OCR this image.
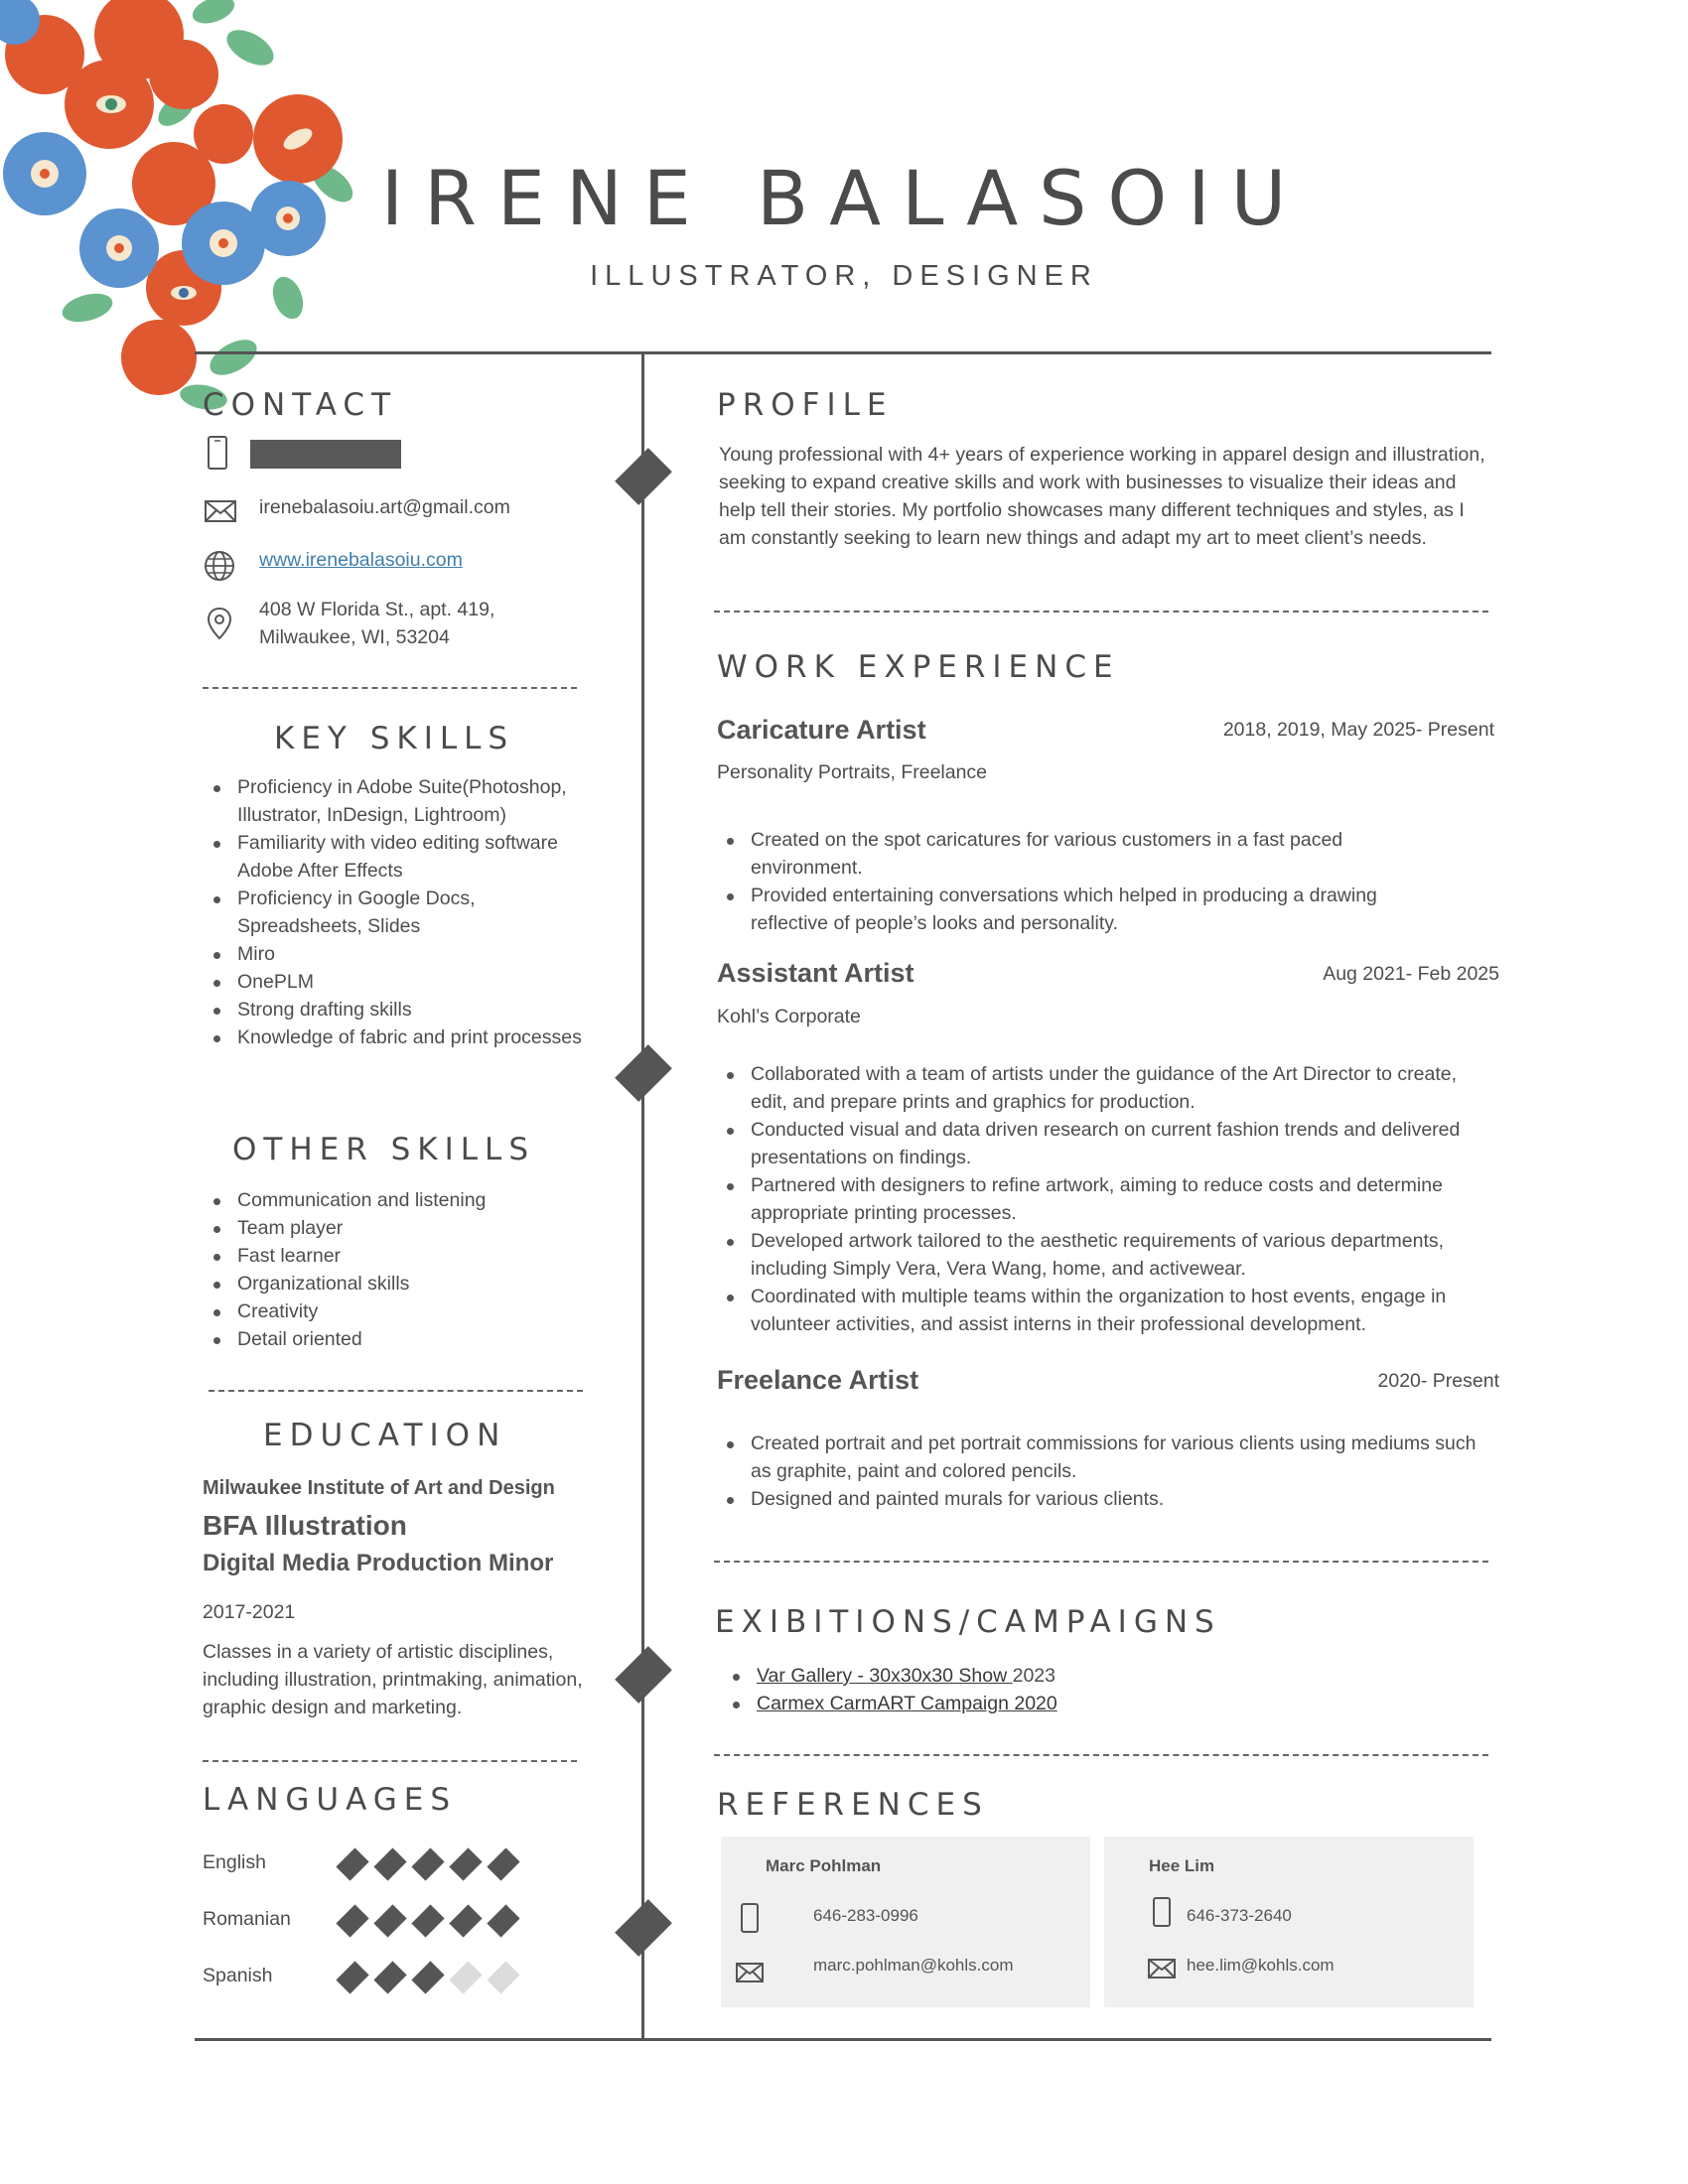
IRENE BALASOIU
ILLUSTRATOR, DESIGNER
CONTACT
irenebalasoiu.art@gmail.com
www.irenebalasoiu.com
408 W Florida St., apt. 419,
Milwaukee, WI, 53204
KEY SKILLS
Proficiency in Adobe Suite(Photoshop, Illustrator, InDesign, Lightroom)
Familiarity with video editing software Adobe After Effects
Proficiency in Google Docs, Spreadsheets, Slides
Miro
OnePLM
Strong drafting skills
Knowledge of fabric and print processes
OTHER SKILLS
Communication and listening
Team player
Fast learner
Organizational skills
Creativity
Detail oriented
EDUCATION
Milwaukee Institute of Art and Design
BFA Illustration
Digital Media Production Minor
2017-2021
Classes in a variety of artistic disciplines, including illustration, printmaking, animation, graphic design and marketing.
LANGUAGES
English
Romanian
Spanish
PROFILE
Young professional with 4+ years of experience working in apparel design and illustration, seeking to expand creative skills and work with businesses to visualize their ideas and help tell their stories. My portfolio showcases many different techniques and styles, as I am constantly seeking to learn new things and adapt my art to meet client’s needs.
WORK EXPERIENCE
Caricature Artist	2018, 2019, May 2025- Present
Personality Portraits, Freelance
Created on the spot caricatures for various customers in a fast paced environment.
Provided entertaining conversations which helped in producing a drawing reflective of people’s looks and personality.
Assistant Artist	Aug 2021- Feb 2025
Kohl’s Corporate
Collaborated with a team of artists under the guidance of the Art Director to create, edit, and prepare prints and graphics for production.
Conducted visual and data driven research on current fashion trends and delivered presentations on findings.
Partnered with designers to refine artwork, aiming to reduce costs and determine appropriate printing processes.
Developed artwork tailored to the aesthetic requirements of various departments, including Simply Vera, Vera Wang, home, and activewear.
Coordinated with multiple teams within the organization to host events, engage in volunteer activities, and assist interns in their professional development.
Freelance Artist	2020- Present
Created portrait and pet portrait commissions for various clients using mediums such as graphite, paint and colored pencils.
Designed and painted murals for various clients.
EXIBITIONS/CAMPAIGNS
Var Gallery - 30x30x30 Show 2023
Carmex CarmART Campaign 2020
REFERENCES
Marc Pohlman
646-283-0996
marc.pohlman@kohls.com
Hee Lim
646-373-2640
hee.lim@kohls.com
